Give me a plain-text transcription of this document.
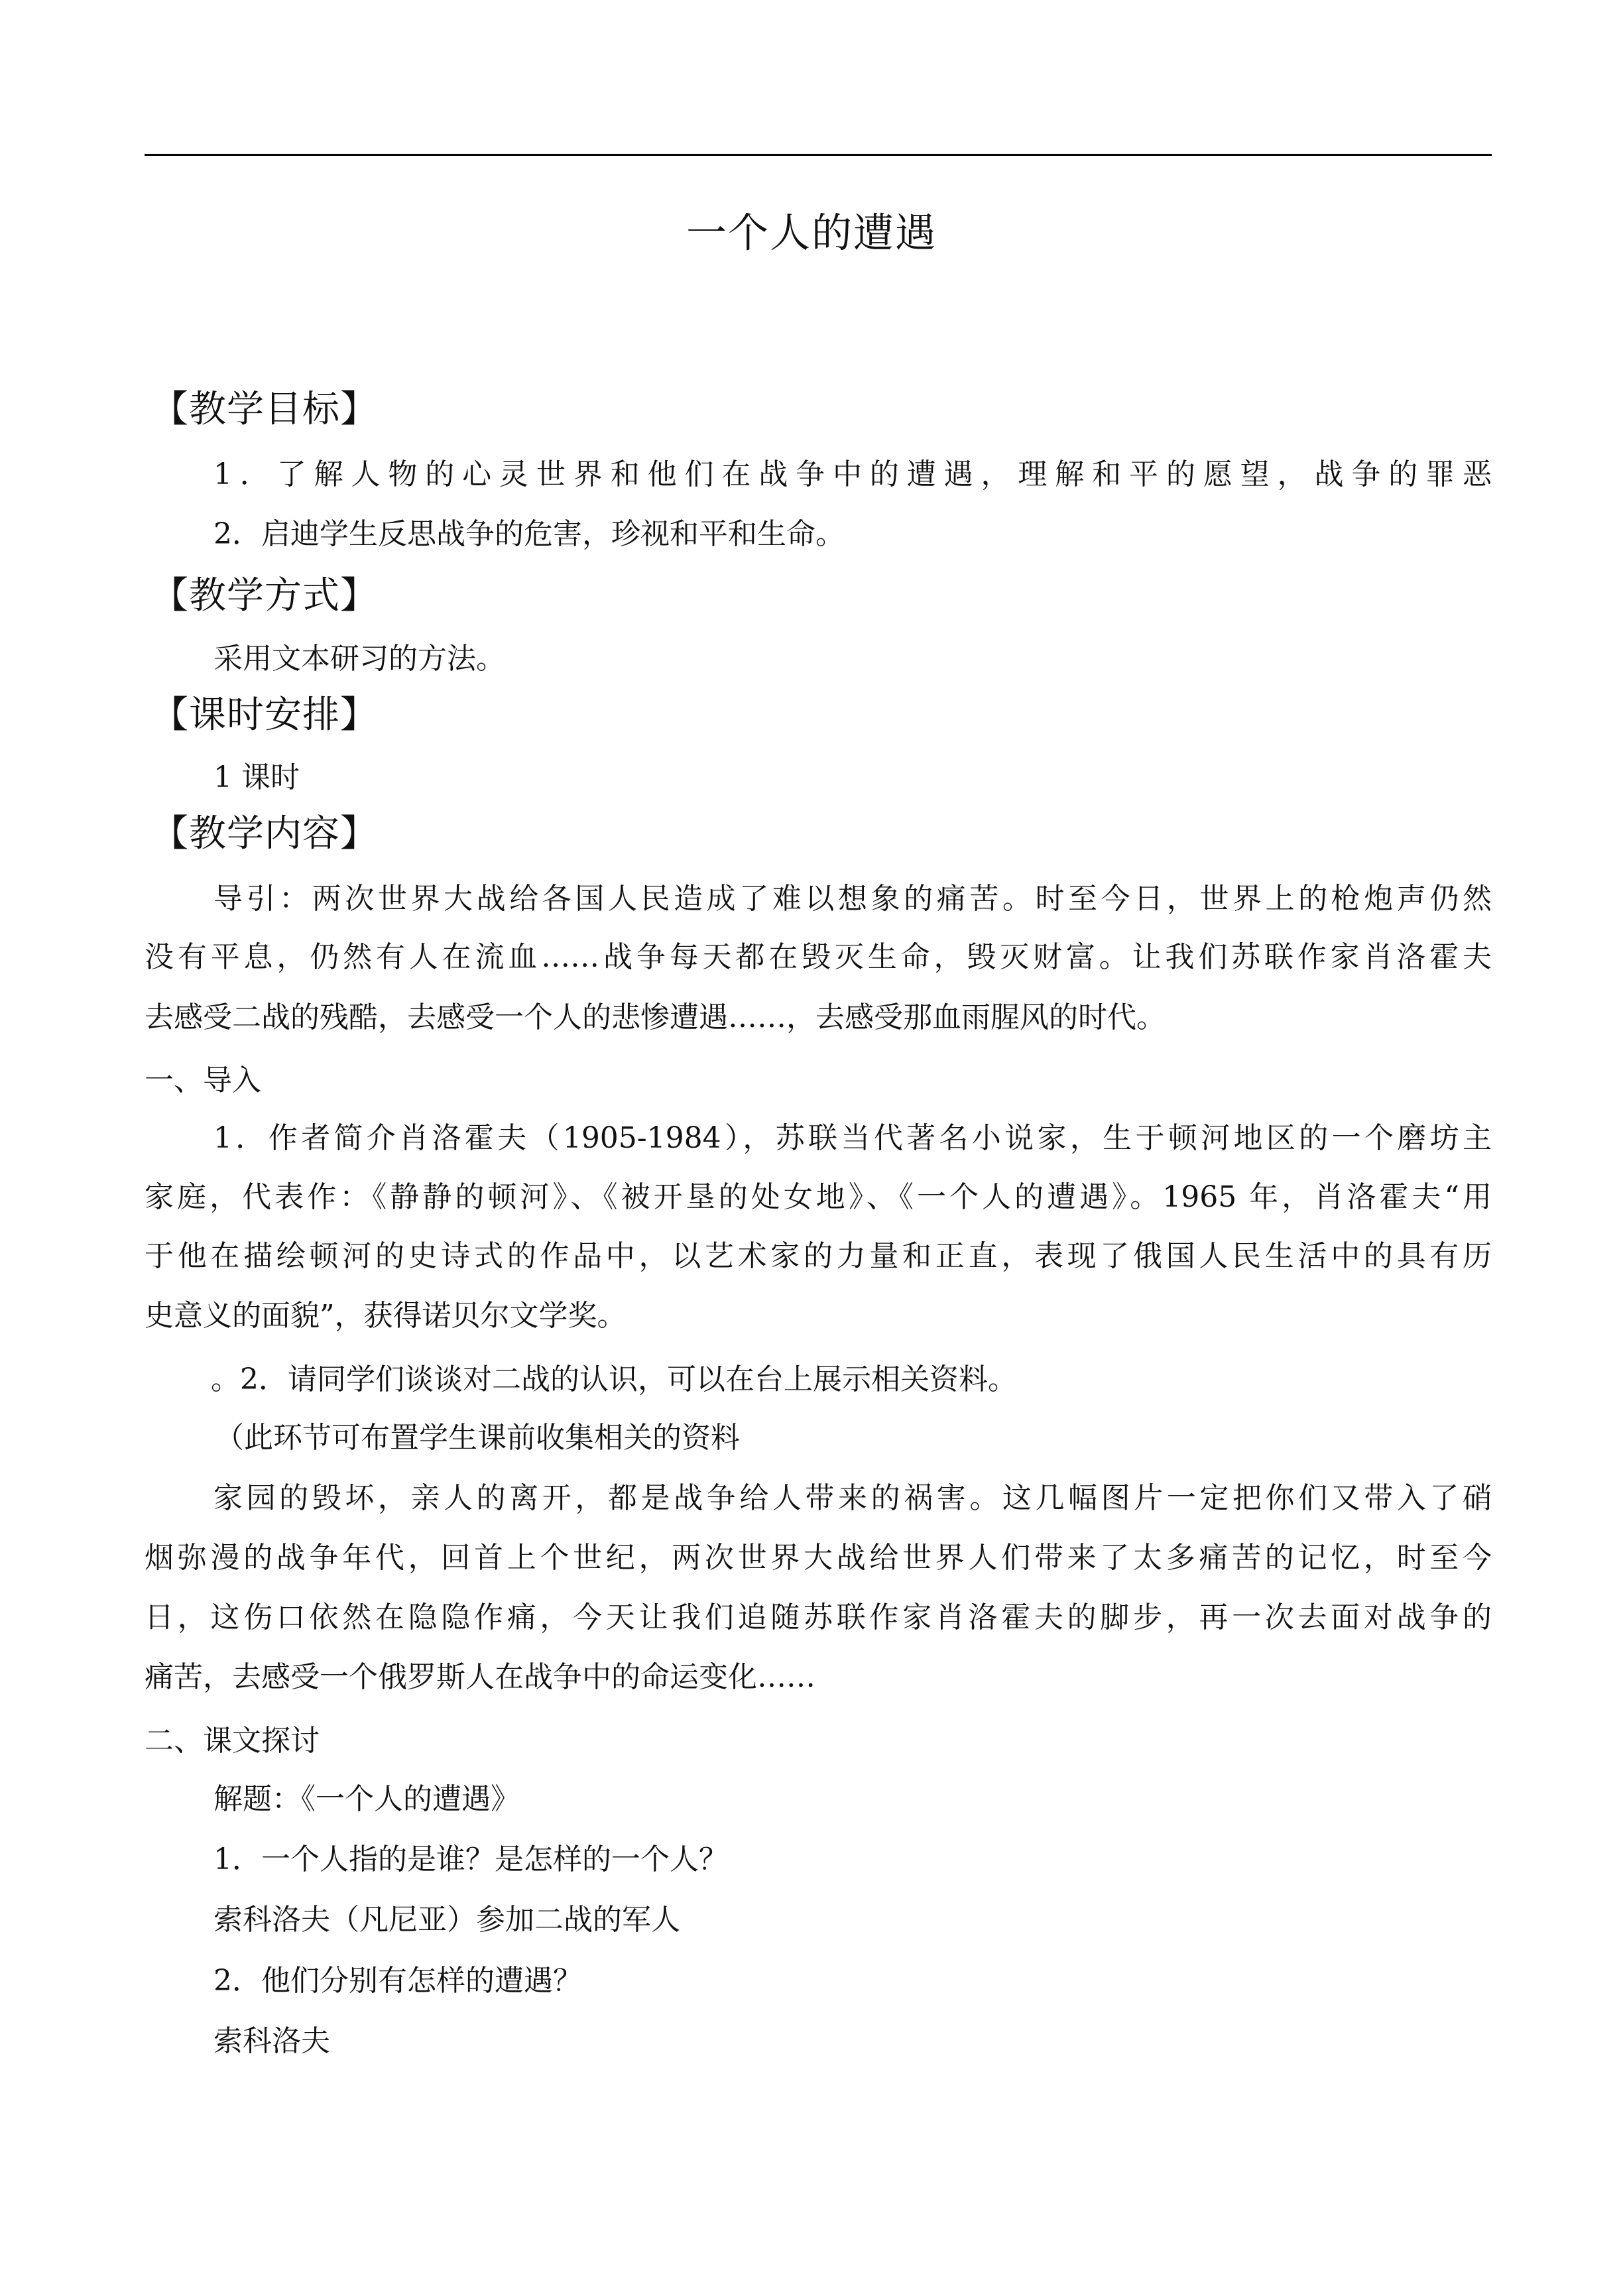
一个人的遭遇
【教学目标】
1．了解人物的心灵世界和他们在战争中的遭遇，理解和平的愿望，战争的罪恶
2．启迪学生反思战争的危害，珍视和平和生命。
【教学方式】
采用文本研习的方法。
【课时安排】
1 课时
【教学内容】
导引：两次世界大战给各国人民造成了难以想象的痛苦。时至今日，世界上的枪炮声仍然
没有平息，仍然有人在流血……战争每天都在毁灭生命，毁灭财富。让我们苏联作家肖洛霍夫
去感受二战的残酷，去感受一个人的悲惨遭遇……，去感受那血雨腥风的时代。
一、导入
1．作者简介肖洛霍夫（1905-1984），苏联当代著名小说家，生于顿河地区的一个磨坊主
家庭，代表作：《静静的顿河》、《被开垦的处女地》、《一个人的遭遇》。1965 年，肖洛霍夫“用
于他在描绘顿河的史诗式的作品中，以艺术家的力量和正直，表现了俄国人民生活中的具有历
史意义的面貌”，获得诺贝尔文学奖。
。2．请同学们谈谈对二战的认识，可以在台上展示相关资料。
（此环节可布置学生课前收集相关的资料
家园的毁坏，亲人的离开，都是战争给人带来的祸害。这几幅图片一定把你们又带入了硝
烟弥漫的战争年代，回首上个世纪，两次世界大战给世界人们带来了太多痛苦的记忆，时至今
日，这伤口依然在隐隐作痛，今天让我们追随苏联作家肖洛霍夫的脚步，再一次去面对战争的
痛苦，去感受一个俄罗斯人在战争中的命运变化……
二、课文探讨
解题：《一个人的遭遇》
1．一个人指的是谁？是怎样的一个人？
索科洛夫（凡尼亚）参加二战的军人
2．他们分别有怎样的遭遇？
索科洛夫
